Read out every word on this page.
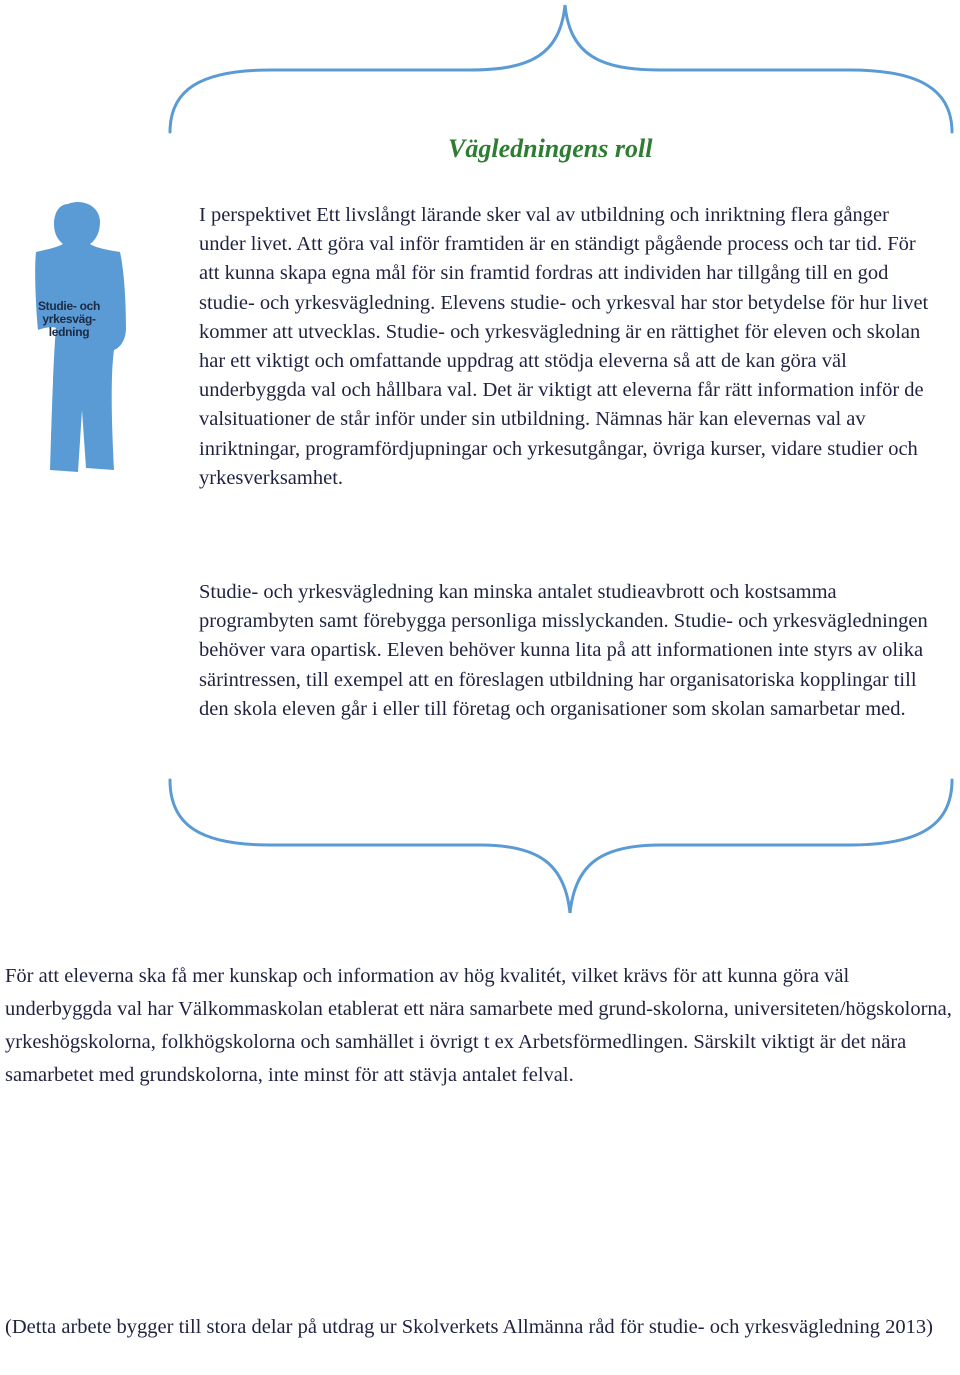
Studie- och
yrkesväg-
ledning
Vägledningens roll

I perspektivet Ett livslångt lärande sker val av utbildning och inriktning flera gånger under livet. Att göra val inför framtiden är en ständigt pågående process och tar tid. För att kunna skapa egna mål för sin framtid fordras att individen har tillgång till en god studie- och yrkesvägledning. Elevens studie- och yrkesval har stor betydelse för hur livet kommer att utvecklas. Studie- och yrkesvägledning är en rättighet för eleven och skolan har ett viktigt och omfattande uppdrag att stödja eleverna så att de kan göra väl underbyggda val och hållbara val. Det är viktigt att eleverna får rätt information inför de valsituationer de står inför under sin utbildning. Nämnas här kan elevernas val av inriktningar, programfördjupningar och yrkesutgångar, övriga kurser, vidare studier och yrkesverksamhet.

Studie- och yrkesvägledning kan minska antalet studieavbrott och kostsamma programbyten samt förebygga personliga misslyckanden. Studie- och yrkesvägledningen behöver vara opartisk. Eleven behöver kunna lita på att informationen inte styrs av olika särintressen, till exempel att en föreslagen utbildning har organisatoriska kopplingar till den skola eleven går i eller till företag och organisationer som skolan samarbetar med.

För att eleverna ska få mer kunskap och information av hög kvalitét, vilket krävs för att kunna göra väl underbyggda val har Välkommaskolan etablerat ett nära samarbete med grund-skolorna, universiteten/högskolorna, yrkeshögskolorna, folkhögskolorna och samhället i övrigt t ex Arbetsförmedlingen. Särskilt viktigt är det nära samarbetet med grundskolorna, inte minst för att stävja antalet felval.

(Detta arbete bygger till stora delar på utdrag ur Skolverkets Allmänna råd för studie- och yrkesvägledning 2013)
